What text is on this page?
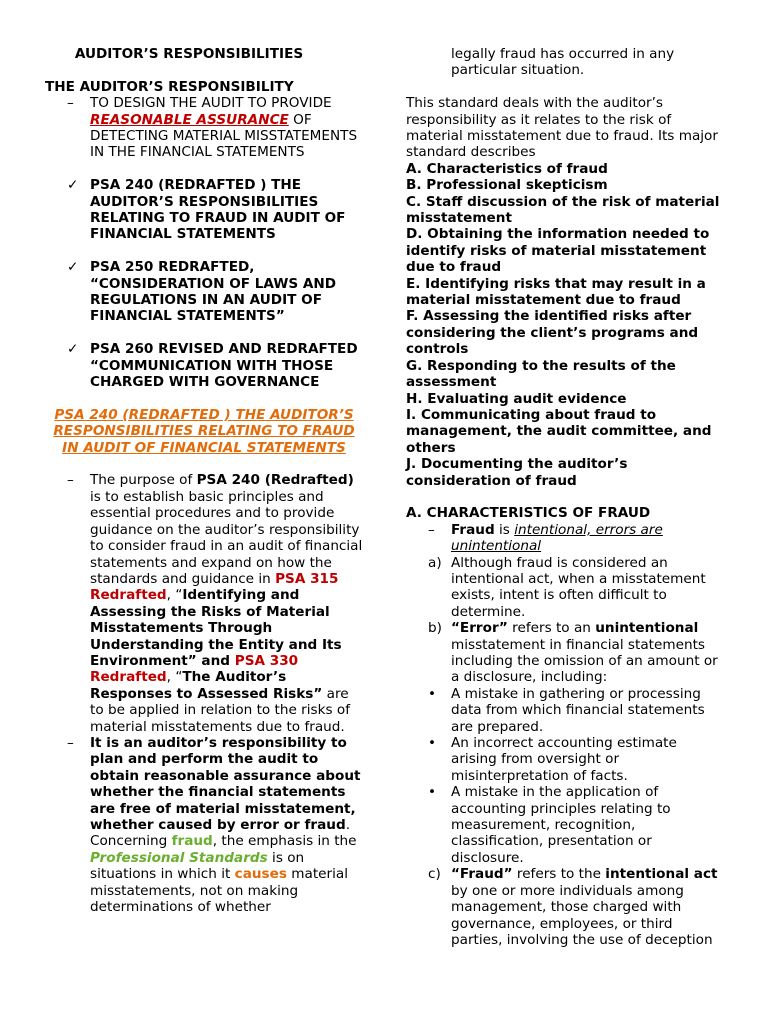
AUDITOR’S RESPONSIBILITIES
THE AUDITOR’S RESPONSIBILITY
–	TO DESIGN THE AUDIT TO PROVIDE REASONABLE ASSURANCE OF DETECTING MATERIAL MISSTATEMENTS IN THE FINANCIAL STATEMENTS
✓ PSA 240 (REDRAFTED ) THE AUDITOR’S RESPONSIBILITIES RELATING TO FRAUD IN AUDIT OF FINANCIAL STATEMENTS
✓ PSA 250 REDRAFTED, “CONSIDERATION OF LAWS AND REGULATIONS IN AN AUDIT OF FINANCIAL STATEMENTS”
✓ PSA 260 REVISED AND REDRAFTED “COMMUNICATION WITH THOSE CHARGED WITH GOVERNANCE
PSA 240 (REDRAFTED ) THE AUDITOR’S RESPONSIBILITIES RELATING TO FRAUD IN AUDIT OF FINANCIAL STATEMENTS
–	The purpose of PSA 240 (Redrafted) is to establish basic principles and essential procedures and to provide guidance on the auditor’s responsibility to consider fraud in an audit of financial statements and expand on how the standards and guidance in PSA 315 Redrafted, “Identifying and Assessing the Risks of Material Misstatements Through Understanding the Entity and Its Environment” and PSA 330 Redrafted, “The Auditor’s Responses to Assessed Risks” are to be applied in relation to the risks of material misstatements due to fraud.
–	It is an auditor’s responsibility to plan and perform the audit to obtain reasonable assurance about whether the financial statements are free of material misstatement, whether caused by error or fraud. Concerning fraud, the emphasis in the Professional Standards is on situations in which it causes material misstatements, not on making determinations of whether
legally fraud has occurred in any particular situation.
This standard deals with the auditor’s responsibility as it relates to the risk of material misstatement due to fraud. Its major standard describes
A. Characteristics of fraud
B. Professional skepticism
C. Staff discussion of the risk of material misstatement
D. Obtaining the information needed to identify risks of material misstatement due to fraud
E. Identifying risks that may result in a material misstatement due to fraud
F. Assessing the identified risks after considering the client’s programs and controls
G. Responding to the results of the assessment
H. Evaluating audit evidence
I. Communicating about fraud to management, the audit committee, and others
J. Documenting the auditor’s consideration of fraud
A. CHARACTERISTICS OF FRAUD
–	Fraud is intentional, errors are unintentional
a) Although fraud is considered an intentional act, when a misstatement exists, intent is often difficult to determine.
b) “Error” refers to an unintentional misstatement in financial statements including the omission of an amount or a disclosure, including:
•	A mistake in gathering or processing data from which financial statements are prepared.
•	An incorrect accounting estimate arising from oversight or misinterpretation of facts.
•	A mistake in the application of accounting principles relating to measurement, recognition, classification, presentation or disclosure.
c) “Fraud” refers to the intentional act by one or more individuals among management, those charged with governance, employees, or third parties, involving the use of deception
